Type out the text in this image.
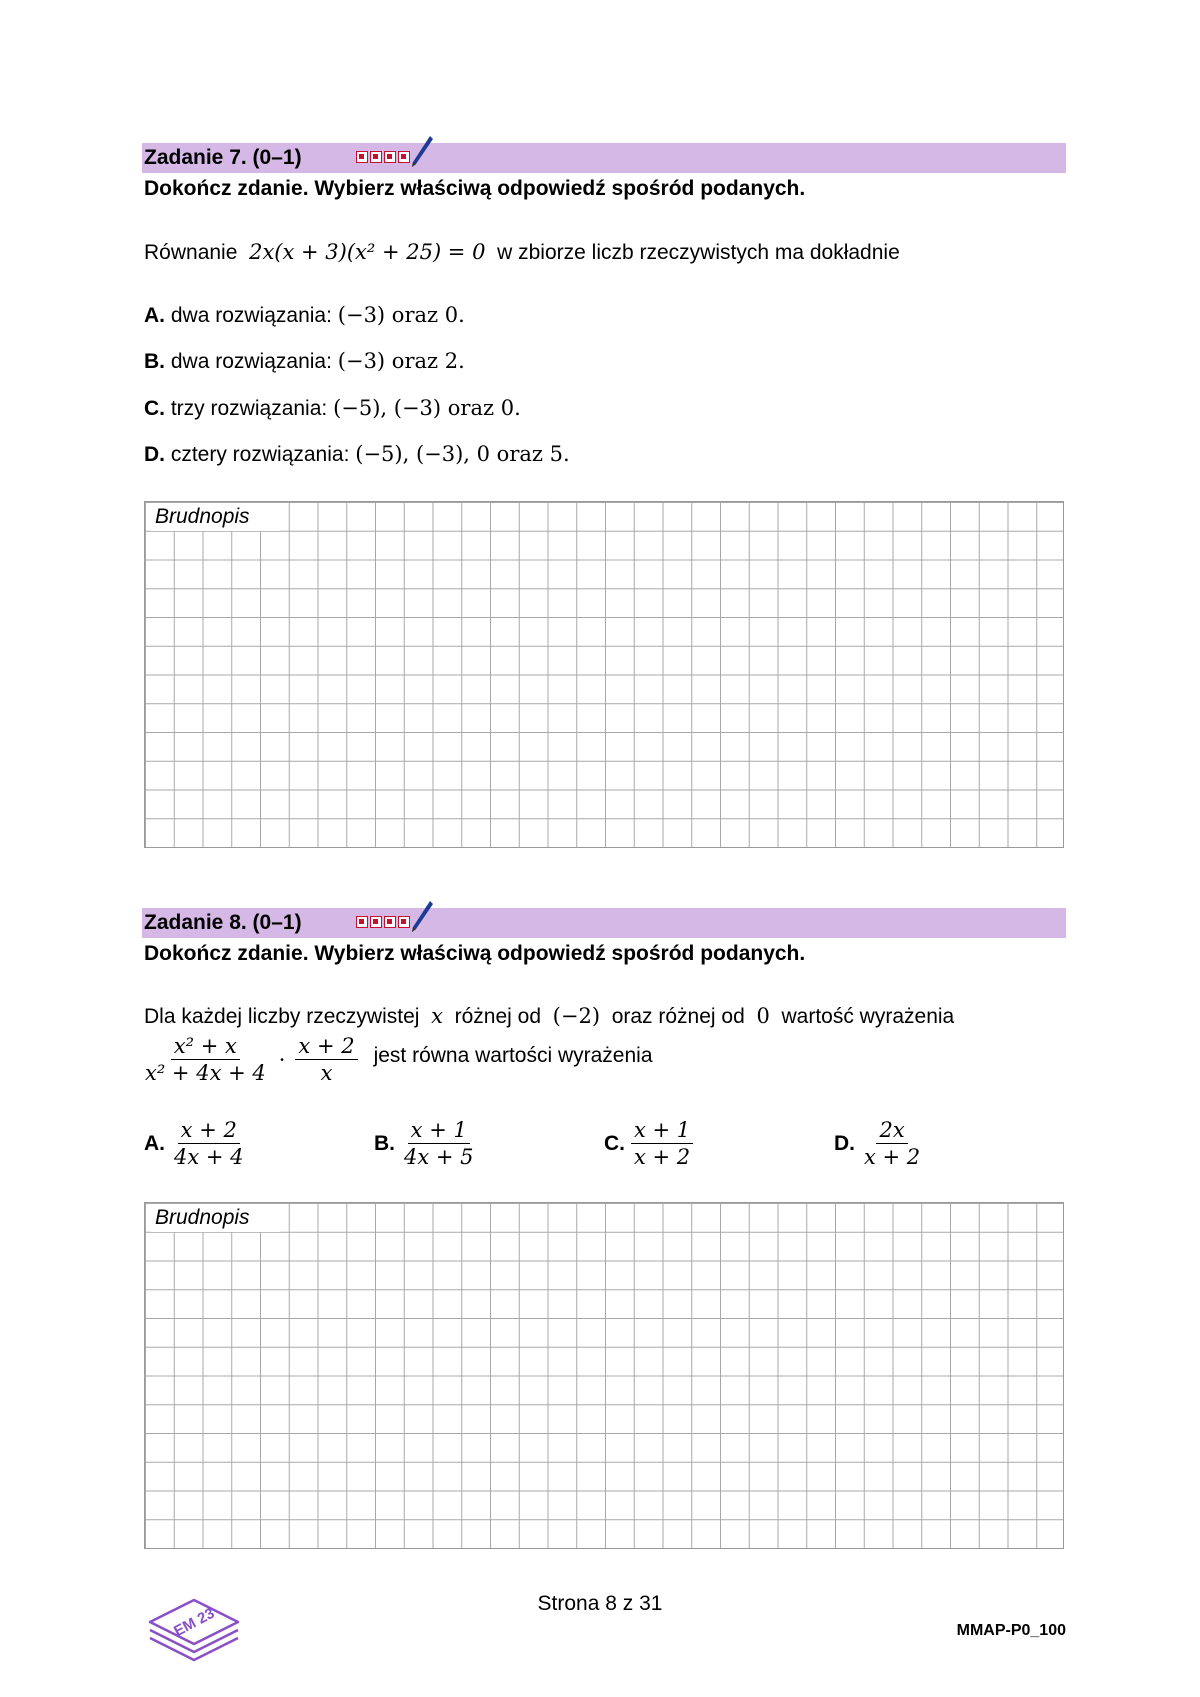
Zadanie 7. (0–1)
Dokończ zdanie. Wybierz właściwą odpowiedź spośród podanych.
Równanie 2x(x + 3)(x² + 25) = 0 w zbiorze liczb rzeczywistych ma dokładnie
A. dwa rozwiązania: (−3) oraz 0.
B. dwa rozwiązania: (−3) oraz 2.
C. trzy rozwiązania: (−5), (−3) oraz 0.
D. cztery rozwiązania: (−5), (−3), 0 oraz 5.
Brudnopis
Zadanie 8. (0–1)
Dokończ zdanie. Wybierz właściwą odpowiedź spośród podanych.
Dla każdej liczby rzeczywistej x różnej od (−2) oraz różnej od 0 wartość wyrażenia
$\frac{\text{x² + x}}{\text{x² + 4x + 4}} \cdot \frac{x + 2}{x}$ jest równa wartości wyrażenia
A. $\frac{x + 2}{4x + 4}$	B. $\frac{x + 1}{4x + 5}$	C. $\frac{x + 1}{x + 2}$	D. $\frac{2x}{x + 2}$
Brudnopis
EM 23
Strona 8 z 31
MMAP-P0_100
